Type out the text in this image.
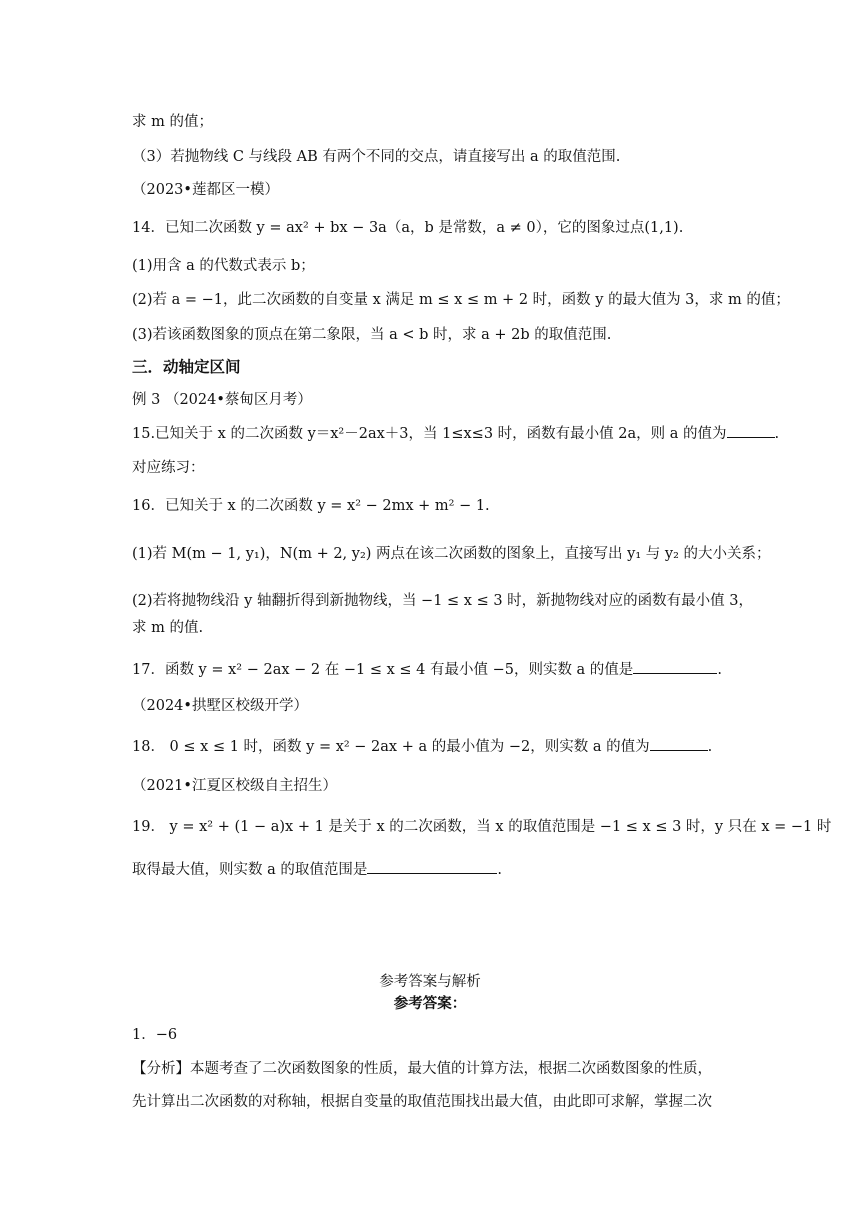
求 m 的值；
（3）若抛物线 C 与线段 AB 有两个不同的交点，请直接写出 a 的取值范围.
（2023•莲都区一模）
14．已知二次函数 y = ax² + bx − 3a（a，b 是常数，a ≠ 0），它的图象过点(1,1).
(1)用含 a 的代数式表示 b；
(2)若 a = −1，此二次函数的自变量 x 满足 m ≤ x ≤ m + 2 时，函数 y 的最大值为 3，求 m 的值；
(3)若该函数图象的顶点在第二象限，当 a < b 时，求 a + 2b 的取值范围.
三．动轴定区间
例 3 （2024•蔡甸区月考）
15.已知关于 x 的二次函数 y＝x²－2ax＋3，当 1≤x≤3 时，函数有最小值 2a，则 a 的值为	.
对应练习：
16．已知关于 x 的二次函数 y = x² − 2mx + m² − 1.
(1)若 M(m − 1, y₁)，N(m + 2, y₂) 两点在该二次函数的图象上，直接写出 y₁ 与 y₂ 的大小关系；
(2)若将抛物线沿 y 轴翻折得到新抛物线，当 −1 ≤ x ≤ 3 时，新抛物线对应的函数有最小值 3，
求 m 的值.
17．函数 y = x² − 2ax − 2 在 −1 ≤ x ≤ 4 有最小值 −5，则实数 a 的值是	.
（2024•拱墅区校级开学）
18． 0 ≤ x ≤ 1 时，函数 y = x² − 2ax + a 的最小值为 −2，则实数 a 的值为	.
（2021•江夏区校级自主招生）
19． y = x² + (1 − a)x + 1 是关于 x 的二次函数，当 x 的取值范围是 −1 ≤ x ≤ 3 时，y 只在 x = −1 时
取得最大值，则实数 a 的取值范围是	.
参考答案与解析
参考答案：
1．−6
【分析】本题考查了二次函数图象的性质，最大值的计算方法，根据二次函数图象的性质，
先计算出二次函数的对称轴，根据自变量的取值范围找出最大值，由此即可求解，掌握二次
